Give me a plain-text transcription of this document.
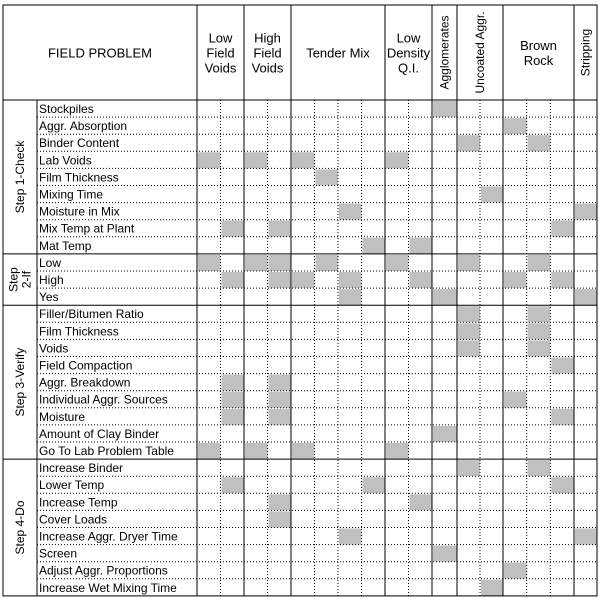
FIELD PROBLEM
Low
Field
Voids
High
Field
Voids
Tender Mix
Low
Density
Q.I. Agglomerates Uncoated Aggr.	Brown
Rock Stripping
Stockpiles
Aggr. Absorption
Binder Content
Lab Voids
Film Thickness
Mixing Time
Moisture in Mix
Mix Temp at Plant
Mat Temp
Low
High
Yes
Filler/Bitumen Ratio
Film Thickness
Voids
Field Compaction
Aggr. Breakdown
Individual Aggr. Sources
Moisture
Amount of Clay Binder
Go To Lab Problem Table
Increase Binder
Lower Temp
Increase Temp
Cover Loads
Increase Aggr. Dryer Time
Screen
Adjust Aggr. Proportions
Increase Wet Mixing Time
Step 1-Check
Step 2-If
Step 3-Verify
Step 4-Do
